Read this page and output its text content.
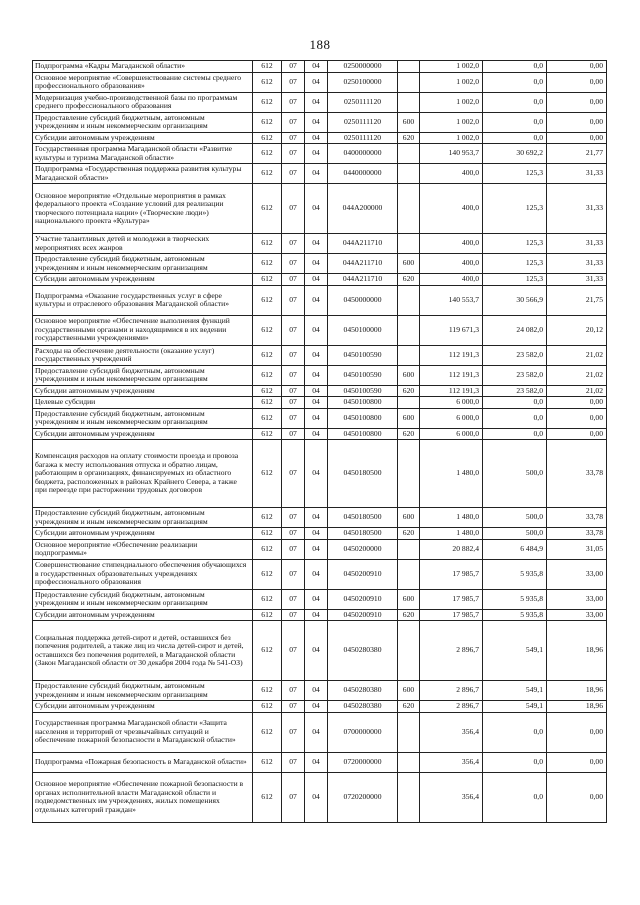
188
Подпрограмма «Кадры Магаданской области»	612	07	04	0250000000		1 002,0	0,0	0,00
Основное мероприятие «Совершенствование системы среднего профессионального образования»	612	07	04	0250100000		1 002,0	0,0	0,00
Модернизация учебно-производственной базы по программам среднего профессионального образования	612	07	04	0250111120		1 002,0	0,0	0,00
Предоставление субсидий бюджетным, автономным учреждениям и иным некоммерческим организациям	612	07	04	0250111120	600	1 002,0	0,0	0,00
Субсидии автономным учреждениям	612	07	04	0250111120	620	1 002,0	0,0	0,00
Государственная программа Магаданской области «Развитие культуры и туризма Магаданской области»	612	07	04	0400000000		140 953,7	30 692,2	21,77
Подпрограмма «Государственная поддержка развития культуры Магаданской области»	612	07	04	0440000000		400,0	125,3	31,33
Основное мероприятие «Отдельные мероприятия в рамках федерального проекта «Создание условий для реализации творческого потенциала нации» («Творческие люди») национального проекта «Культура»	612	07	04	044A200000		400,0	125,3	31,33
Участие талантливых детей и молодежи в творческих мероприятиях всех жанров	612	07	04	044A211710		400,0	125,3	31,33
Предоставление субсидий бюджетным, автономным учреждениям и иным некоммерческим организациям	612	07	04	044A211710	600	400,0	125,3	31,33
Субсидии автономным учреждениям	612	07	04	044A211710	620	400,0	125,3	31,33
Подпрограмма «Оказание государственных услуг в сфере культуры и отраслевого образования Магаданской области»	612	07	04	0450000000		140 553,7	30 566,9	21,75
Основное мероприятие «Обеспечение выполнения функций государственными органами и находящимися в их ведении государственными учреждениями»	612	07	04	0450100000		119 671,3	24 082,0	20,12
Расходы на обеспечение деятельности (оказание услуг) государственных учреждений	612	07	04	0450100590		112 191,3	23 582,0	21,02
Предоставление субсидий бюджетным, автономным учреждениям и иным некоммерческим организациям	612	07	04	0450100590	600	112 191,3	23 582,0	21,02
Субсидии автономным учреждениям	612	07	04	0450100590	620	112 191,3	23 582,0	21,02
Целевые субсидии	612	07	04	0450100800		6 000,0	0,0	0,00
Предоставление субсидий бюджетным, автономным учреждениям и иным некоммерческим организациям	612	07	04	0450100800	600	6 000,0	0,0	0,00
Субсидии автономным учреждениям	612	07	04	0450100800	620	6 000,0	0,0	0,00
Компенсация расходов на оплату стоимости проезда и провоза багажа к месту использования отпуска и обратно лицам, работающим в организациях, финансируемых из областного бюджета, расположенных в районах Крайнего Севера, а также при переезде при расторжении трудовых договоров	612	07	04	0450180500		1 480,0	500,0	33,78
Предоставление субсидий бюджетным, автономным учреждениям и иным некоммерческим организациям	612	07	04	0450180500	600	1 480,0	500,0	33,78
Субсидии автономным учреждениям	612	07	04	0450180500	620	1 480,0	500,0	33,78
Основное мероприятие «Обеспечение реализации подпрограммы»	612	07	04	0450200000		20 882,4	6 484,9	31,05
Совершенствование стипендиального обеспечения обучающихся в государственных образовательных учреждениях профессионального образования	612	07	04	0450200910		17 985,7	5 935,8	33,00
Предоставление субсидий бюджетным, автономным учреждениям и иным некоммерческим организациям	612	07	04	0450200910	600	17 985,7	5 935,8	33,00
Субсидии автономным учреждениям	612	07	04	0450200910	620	17 985,7	5 935,8	33,00
Социальная поддержка детей-сирот и детей, оставшихся без попечения родителей, а также лиц из числа детей-сирот и детей, оставшихся без попечения родителей, в Магаданской области (Закон Магаданской области от 30 декабря 2004 года № 541-ОЗ)	612	07	04	0450280380		2 896,7	549,1	18,96
Предоставление субсидий бюджетным, автономным учреждениям и иным некоммерческим организациям	612	07	04	0450280380	600	2 896,7	549,1	18,96
Субсидии автономным учреждениям	612	07	04	0450280380	620	2 896,7	549,1	18,96
Государственная программа Магаданской области «Защита населения и территорий от чрезвычайных ситуаций и обеспечение пожарной безопасности в Магаданской области»	612	07	04	0700000000		356,4	0,0	0,00
Подпрограмма «Пожарная безопасность в Магаданской области»	612	07	04	0720000000		356,4	0,0	0,00
Основное мероприятие «Обеспечение пожарной безопасности в органах исполнительной власти Магаданской области и подведомственных им учреждениях, жилых помещениях отдельных категорий граждан»	612	07	04	0720200000		356,4	0,0	0,00
